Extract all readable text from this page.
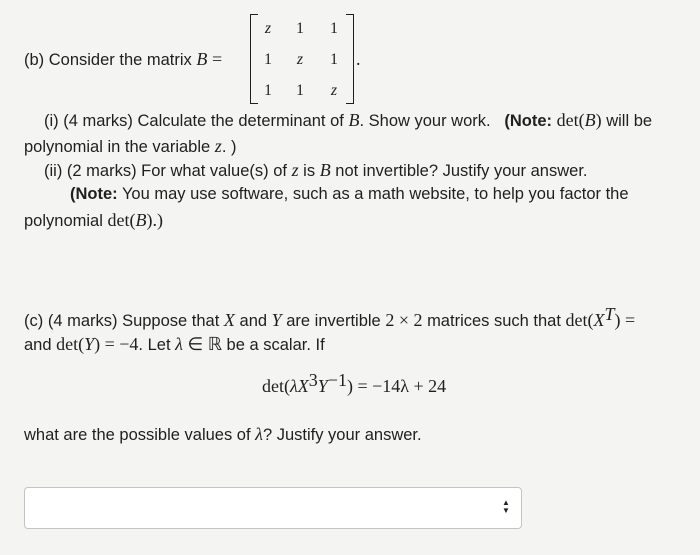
(b) Consider the matrix B =
z	1	1
1	z	1
1	1	z
.
(i) (4 marks) Calculate the determinant of B. Show your work. (Note: det(B) will be
polynomial in the variable z. )
(ii) (2 marks) For what value(s) of z is B not invertible? Justify your answer.
(Note: You may use software, such as a math website, to help you factor the
polynomial det(B).)
(c) (4 marks) Suppose that X and Y are invertible 2 × 2 matrices such that $\det(X^T)$ =
and det(Y) = −4. Let λ ∈ ℝ be a scalar. If
$\det(\lambda X^3Y^{-1}) = -14\lambda + 24$
what are the possible values of λ? Justify your answer.
▲
▼
